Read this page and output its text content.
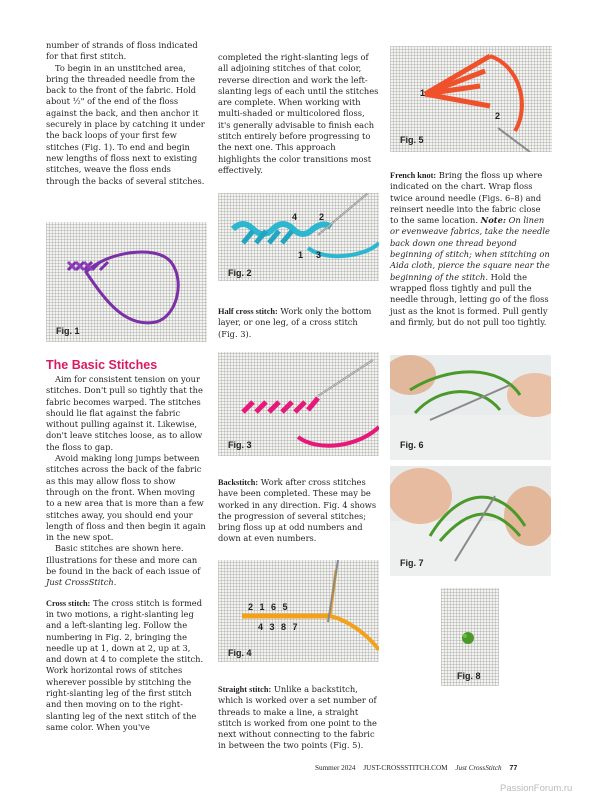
number of strands of floss indicated for that first stitch.

To begin in an unstitched area, bring the threaded needle from the back to the front of the fabric. Hold about ½" of the end of the floss against the back, and then anchor it securely in place by catching it under the back loops of your first few stitches (Fig. 1). To end and begin new lengths of floss next to existing stitches, weave the floss ends through the backs of several stitches.

Fig. 1
The Basic Stitches

Aim for consistent tension on your stitches. Don't pull so tightly that the fabric becomes warped. The stitches should lie flat against the fabric without pulling against it. Likewise, don't leave stitches loose, as to allow the floss to gap.

Avoid making long jumps between stitches across the back of the fabric as this may allow floss to show through on the front. When moving to a new area that is more than a few stitches away, you should end your length of floss and then begin it again in the new spot.

Basic stitches are shown here. Illustrations for these and more can be found in the back of each issue of Just CrossStitch.

Cross stitch: The cross stitch is formed in two motions, a right-slanting leg and a left-slanting leg. Follow the numbering in Fig. 2, bringing the needle up at 1, down at 2, up at 3, and down at 4 to complete the stitch. Work horizontal rows of stitches wherever possible by stitching the right-slanting leg of the first stitch and then moving on to the right-slanting leg of the next stitch of the same color. When you've

completed the right-slanting legs of all adjoining stitches of that color, reverse direction and work the left-slanting legs of each until the stitches are complete. When working with multi-shaded or multicolored floss, it's generally advisable to finish each stitch entirely before progressing to the next one. This approach highlights the color transitions most effectively.

4 2
1 3
Fig. 2

Half cross stitch: Work only the bottom layer, or one leg, of a cross stitch (Fig. 3).

Fig. 3

Backstitch: Work after cross stitches have been completed. These may be worked in any direction. Fig. 4 shows the progression of several stitches; bring floss up at odd numbers and down at even numbers.

2 1 6 5
4 3 8 7
Fig. 4

Straight stitch: Unlike a backstitch, which is worked over a set number of threads to make a line, a straight stitch is worked from one point to the next without connecting to the fabric in between the two points (Fig. 5).

1
2
Fig. 5

French knot: Bring the floss up where indicated on the chart. Wrap floss twice around needle (Figs. 6–8) and reinsert needle into the fabric close to the same location. Note: On linen or evenweave fabrics, take the needle back down one thread beyond beginning of stitch; when stitching on Aida cloth, pierce the square near the beginning of the stitch. Hold the wrapped floss tightly and pull the needle through, letting go of the floss just as the knot is formed. Pull gently and firmly, but do not pull too tightly.

Fig. 6
Fig. 7
Fig. 8
Summer 2024 JUST-CROSSSTITCH.COM Just CrossStitch 77
PassionForum.ru
